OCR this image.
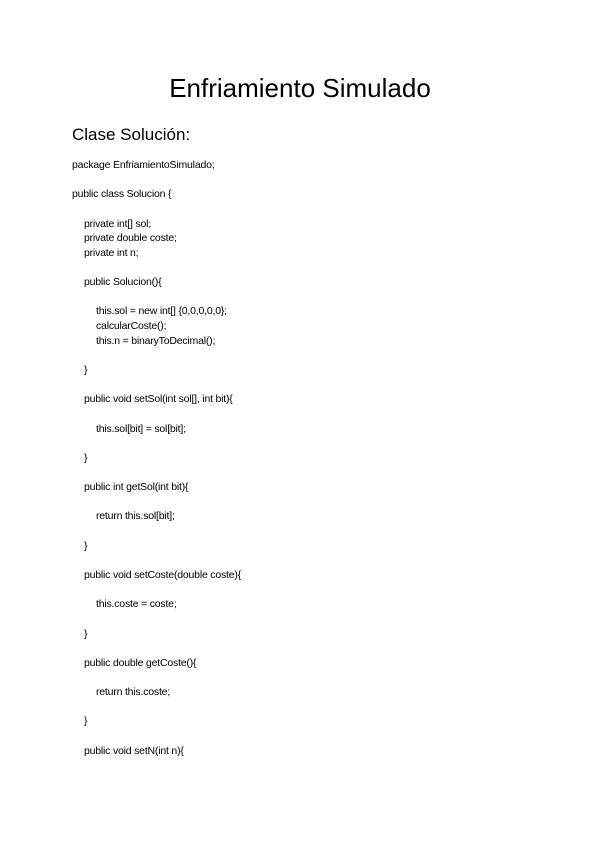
Enfriamiento Simulado
Clase Solución:
package EnfriamientoSimulado;
public class Solucion {
private int[] sol;
private double coste;
private int n;
public Solucion(){
this.sol = new int[] {0,0,0,0,0};
calcularCoste();
this.n = binaryToDecimal();
}
public void setSol(int sol[], int bit){
this.sol[bit] = sol[bit];
}
public int getSol(int bit){
return this.sol[bit];
}
public void setCoste(double coste){
this.coste = coste;
}
public double getCoste(){
return this.coste;
}
public void setN(int n){
